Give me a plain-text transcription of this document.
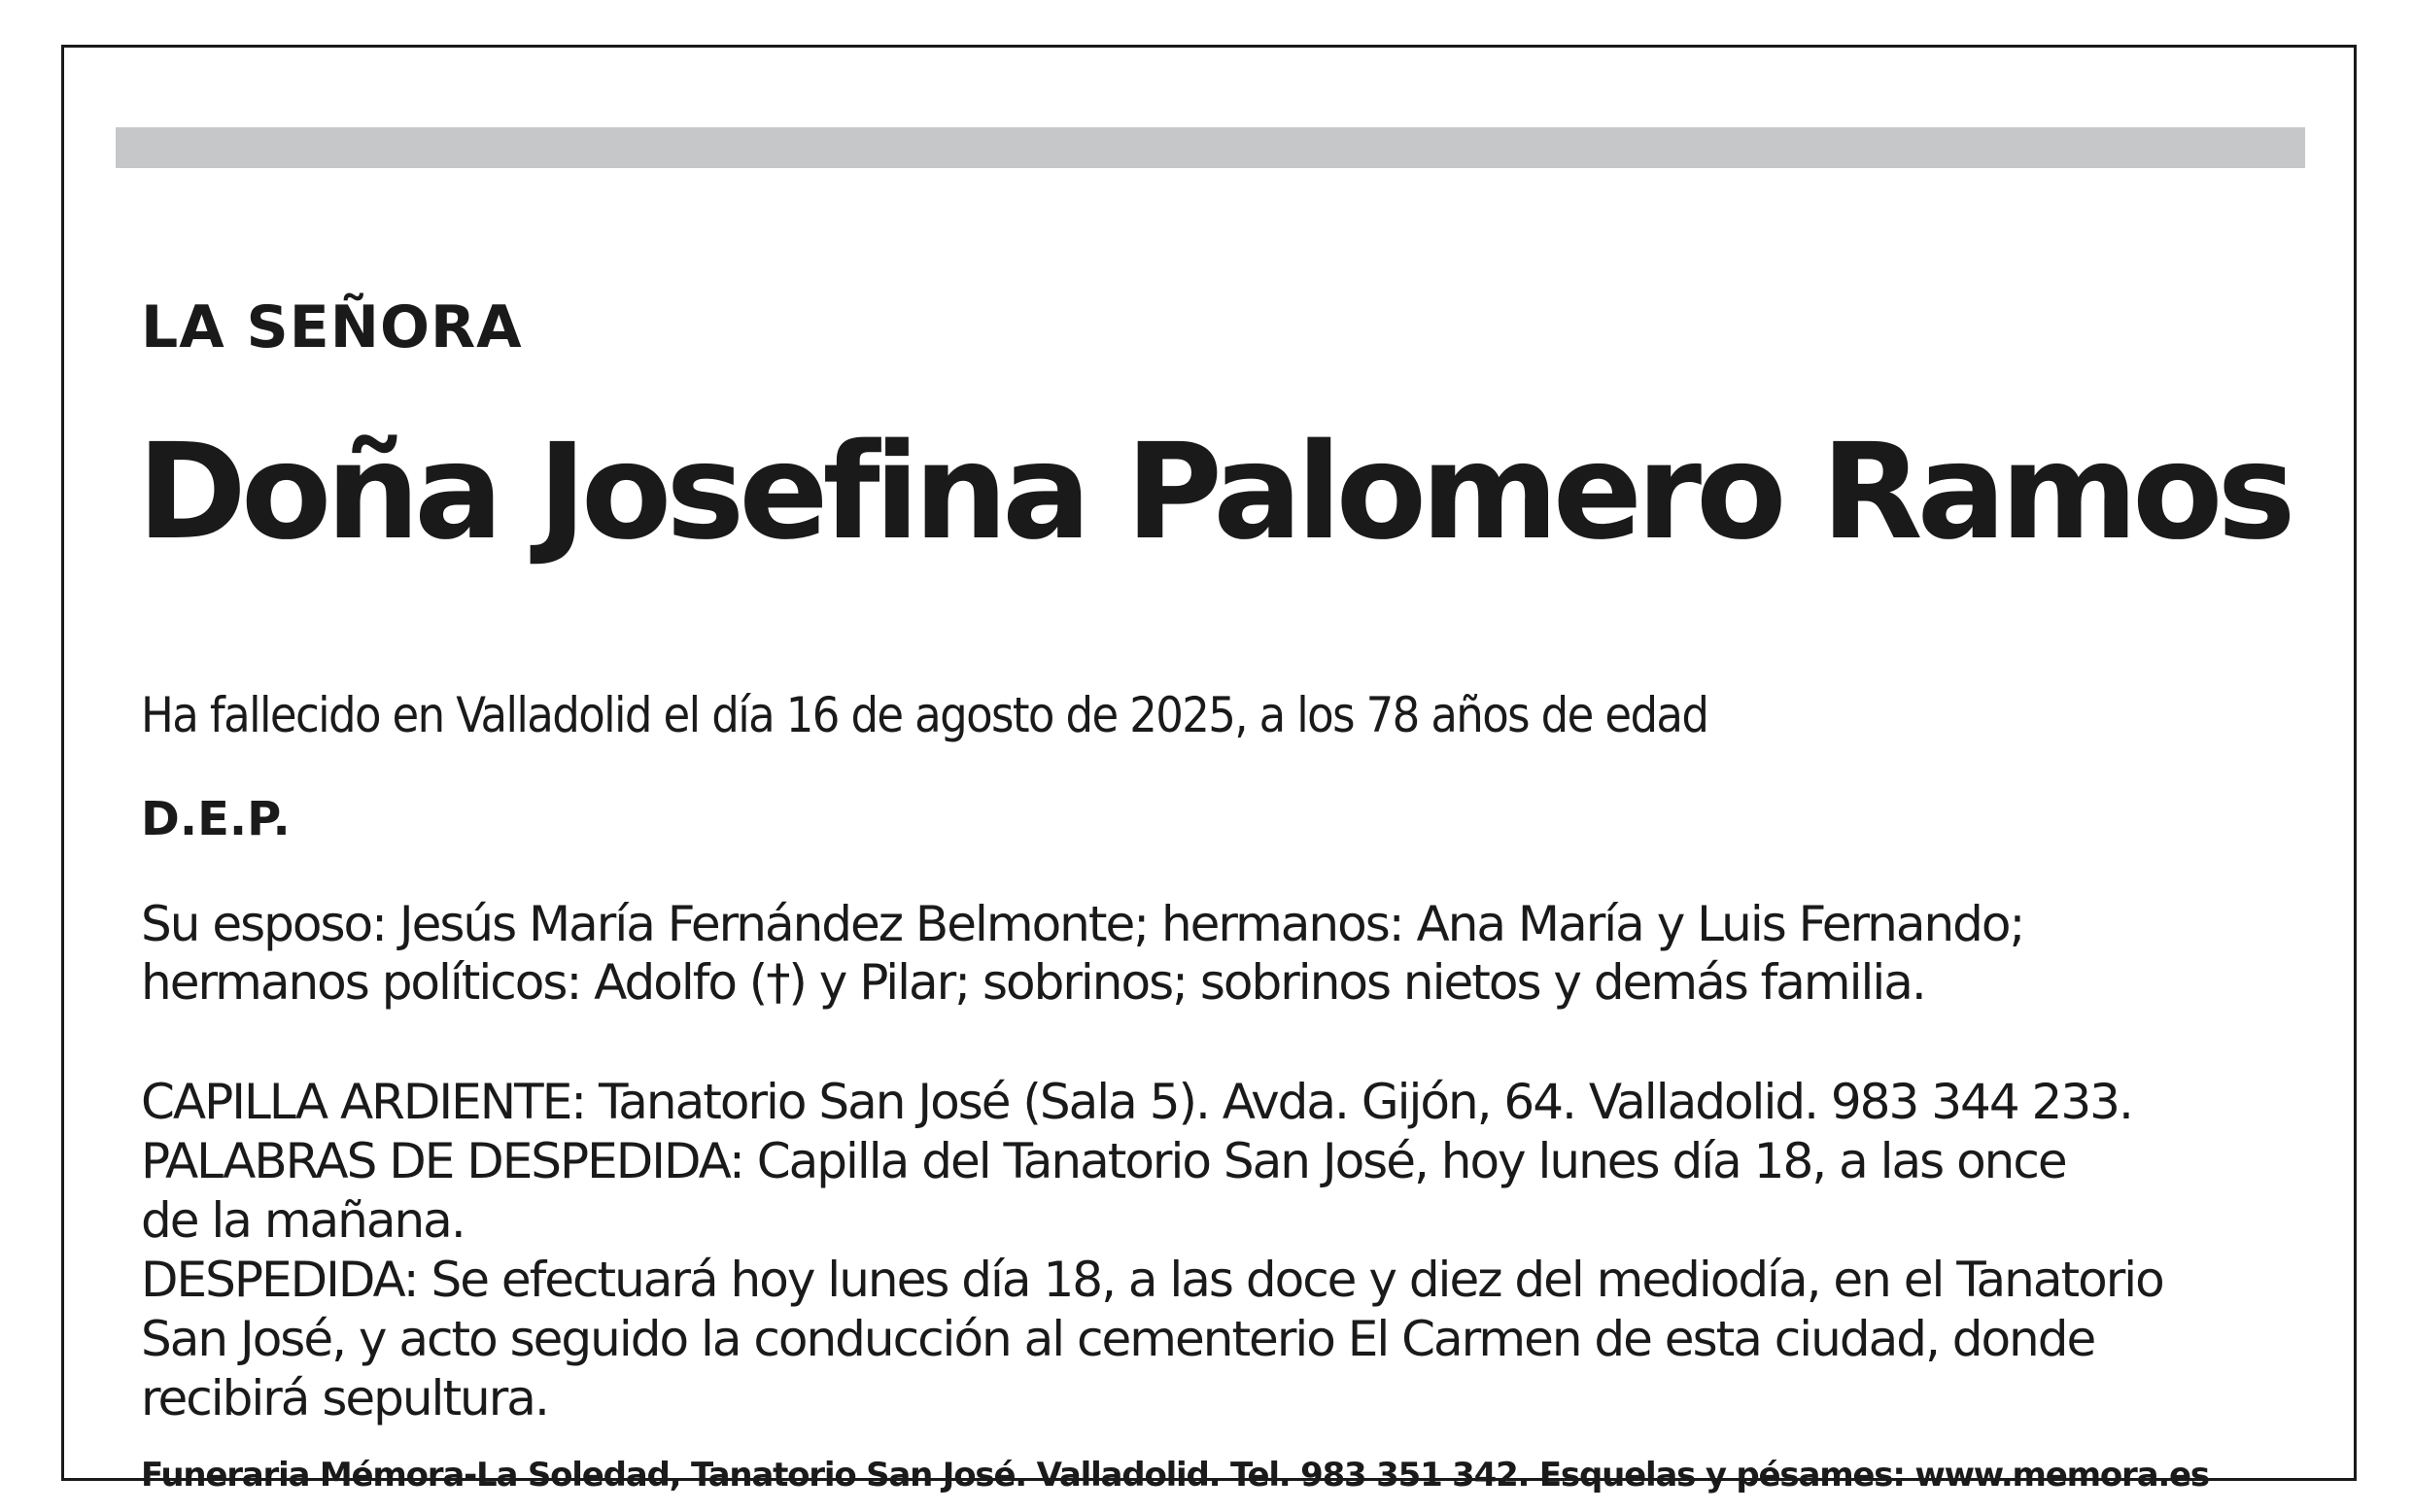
LA SEÑORA
Doña Josefina Palomero Ramos
Ha fallecido en Valladolid el día 16 de agosto de 2025, a los 78 años de edad
D.E.P.
Su esposo: Jesús María Fernández Belmonte; hermanos: Ana María y Luis Fernando;
hermanos políticos: Adolfo (†) y Pilar; sobrinos; sobrinos nietos y demás familia.
CAPILLA ARDIENTE: Tanatorio San José (Sala 5). Avda. Gijón, 64. Valladolid. 983 344 233.
PALABRAS DE DESPEDIDA: Capilla del Tanatorio San José, hoy lunes día 18, a las once
de la mañana.
DESPEDIDA: Se efectuará hoy lunes día 18, a las doce y diez del mediodía, en el Tanatorio
San José, y acto seguido la conducción al cementerio El Carmen de esta ciudad, donde
recibirá sepultura.
Funeraria Mémora-La Soledad, Tanatorio San José. Valladolid. Tel. 983 351 342. Esquelas y pésames: www.memora.es
